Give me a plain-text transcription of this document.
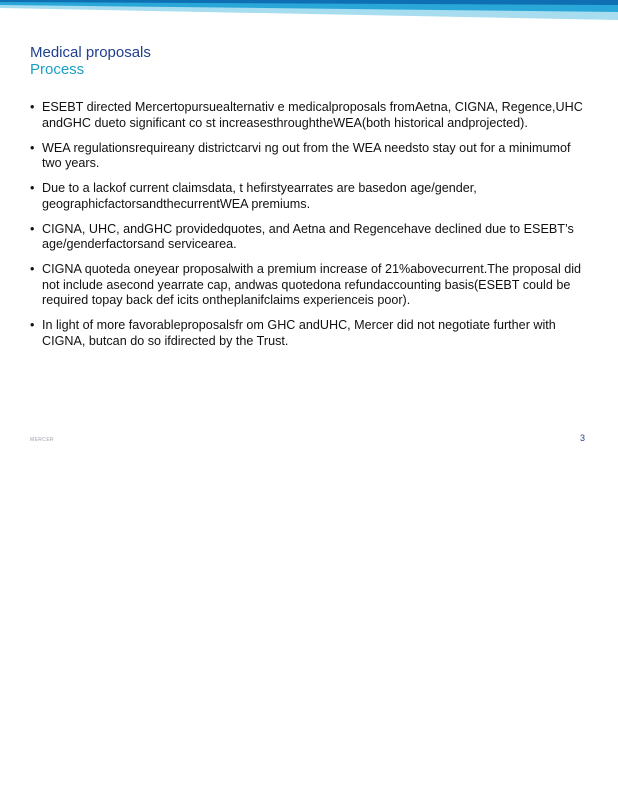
Medical proposals
Process
• ESEBT directed Mercertopursuealternativ e medicalproposals fromAetna, CIGNA, Regence,UHC andGHC dueto significant co st increasesthroughtheWEA(both historical andprojected).
• WEA regulationsrequireany districtcarvi ng out from the WEA needsto stay out for a minimumof two years.
• Due to a lackof current claimsdata, t hefirstyearrates are basedon age/gender, geographicfactorsandthecurrentWEA premiums.
• CIGNA, UHC, andGHC providedquotes, and Aetna and Regencehave declined due to ESEBT’s age/genderfactorsand servicearea.
• CIGNA quoteda oneyear proposalwith a premium increase of 21%abovecurrent.The proposal did not include asecond yearrate cap, andwas quotedona refundaccounting basis(ESEBT could be required topay back def icits ontheplanifclaims experienceis poor).
• In light of more favorableproposalsfr om GHC andUHC, Mercer did not negotiate further with CIGNA, butcan do so ifdirected by the Trust.
MERCER	3
